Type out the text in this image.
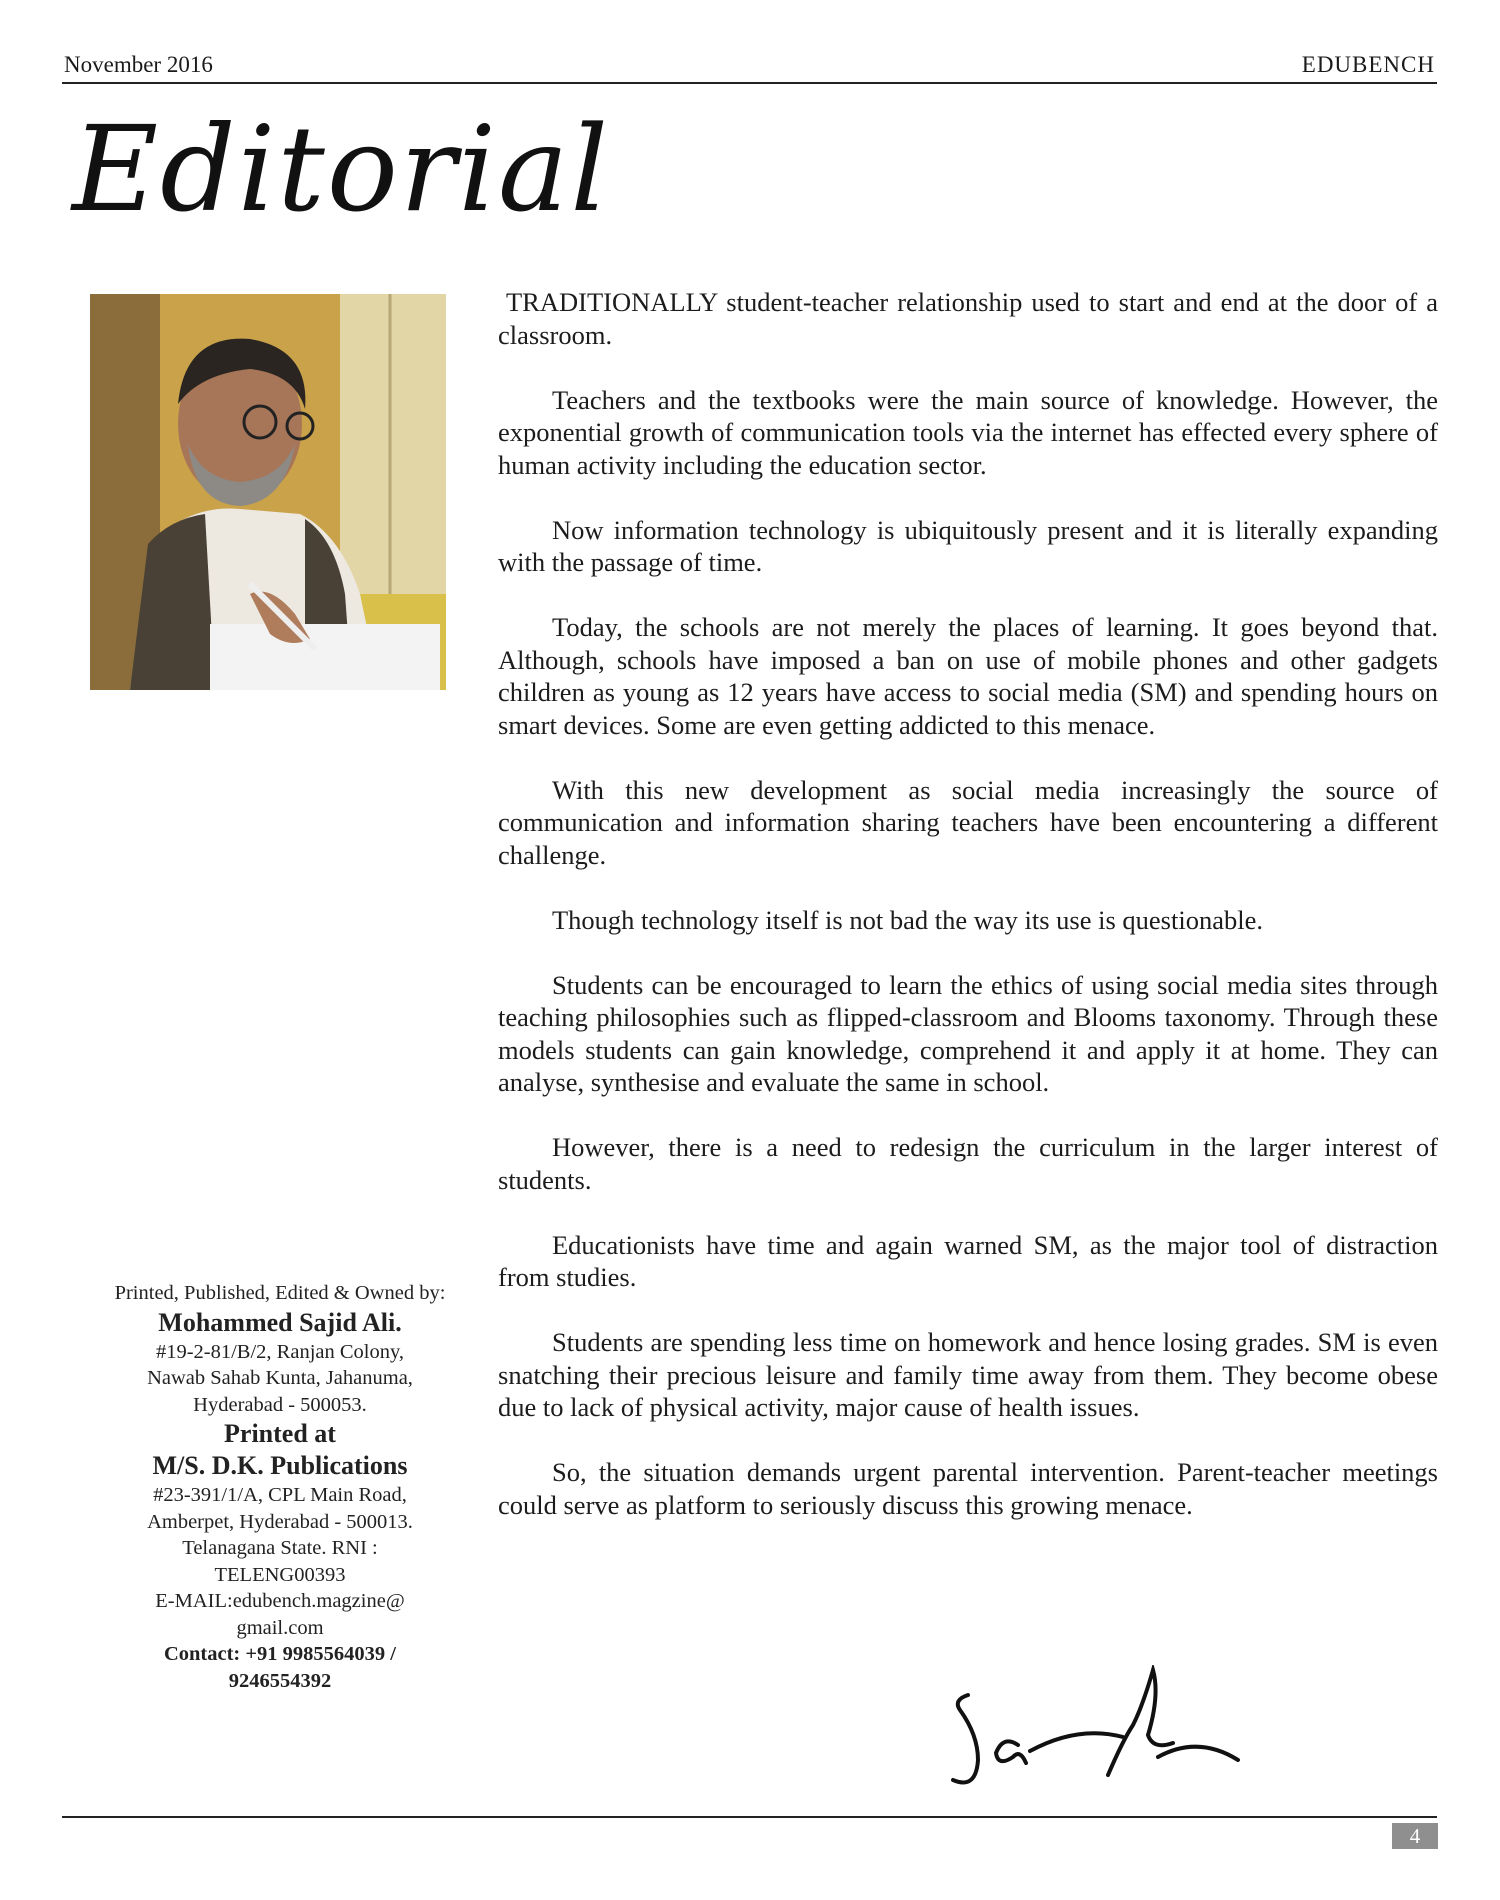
November 2016	EDUBENCH
Editorial

TRADITIONALLY student-teacher relationship used to start and end at the door of a classroom.

Teachers and the textbooks were the main source of knowledge. However, the exponential growth of communication tools via the internet has effected every sphere of human activity including the education sector.

Now information technology is ubiquitously present and it is literally expanding with the passage of time.

Today, the schools are not merely the places of learning. It goes beyond that. Although, schools have imposed a ban on use of mobile phones and other gadgets children as young as 12 years have access to social media (SM) and spending hours on smart devices. Some are even getting addicted to this menace.

With this new development as social media increasingly the source of communication and information sharing teachers have been encountering a different challenge.

Though technology itself is not bad the way its use is questionable.

Students can be encouraged to learn the ethics of using social media sites through teaching philosophies such as flipped-classroom and Blooms taxonomy. Through these models students can gain knowledge, comprehend it and apply it at home. They can analyse, synthesise and evaluate the same in school.

However, there is a need to redesign the curriculum in the larger interest of students.

Educationists have time and again warned SM, as the major tool of distraction from studies.

Students are spending less time on homework and hence losing grades. SM is even snatching their precious leisure and family time away from them. They become obese due to lack of physical activity, major cause of health issues.

So, the situation demands urgent parental intervention. Parent-teacher meetings could serve as platform to seriously discuss this growing menace.

Printed, Published, Edited & Owned by:
Mohammed Sajid Ali.
#19-2-81/B/2, Ranjan Colony,
Nawab Sahab Kunta, Jahanuma,
Hyderabad - 500053.
Printed at
M/S. D.K. Publications
#23-391/1/A, CPL Main Road,
Amberpet, Hyderabad - 500013.
Telanagana State. RNI :
TELENG00393
E-MAIL:edubench.magzine@
gmail.com
Contact: +91 9985564039 /
9246554392
4
